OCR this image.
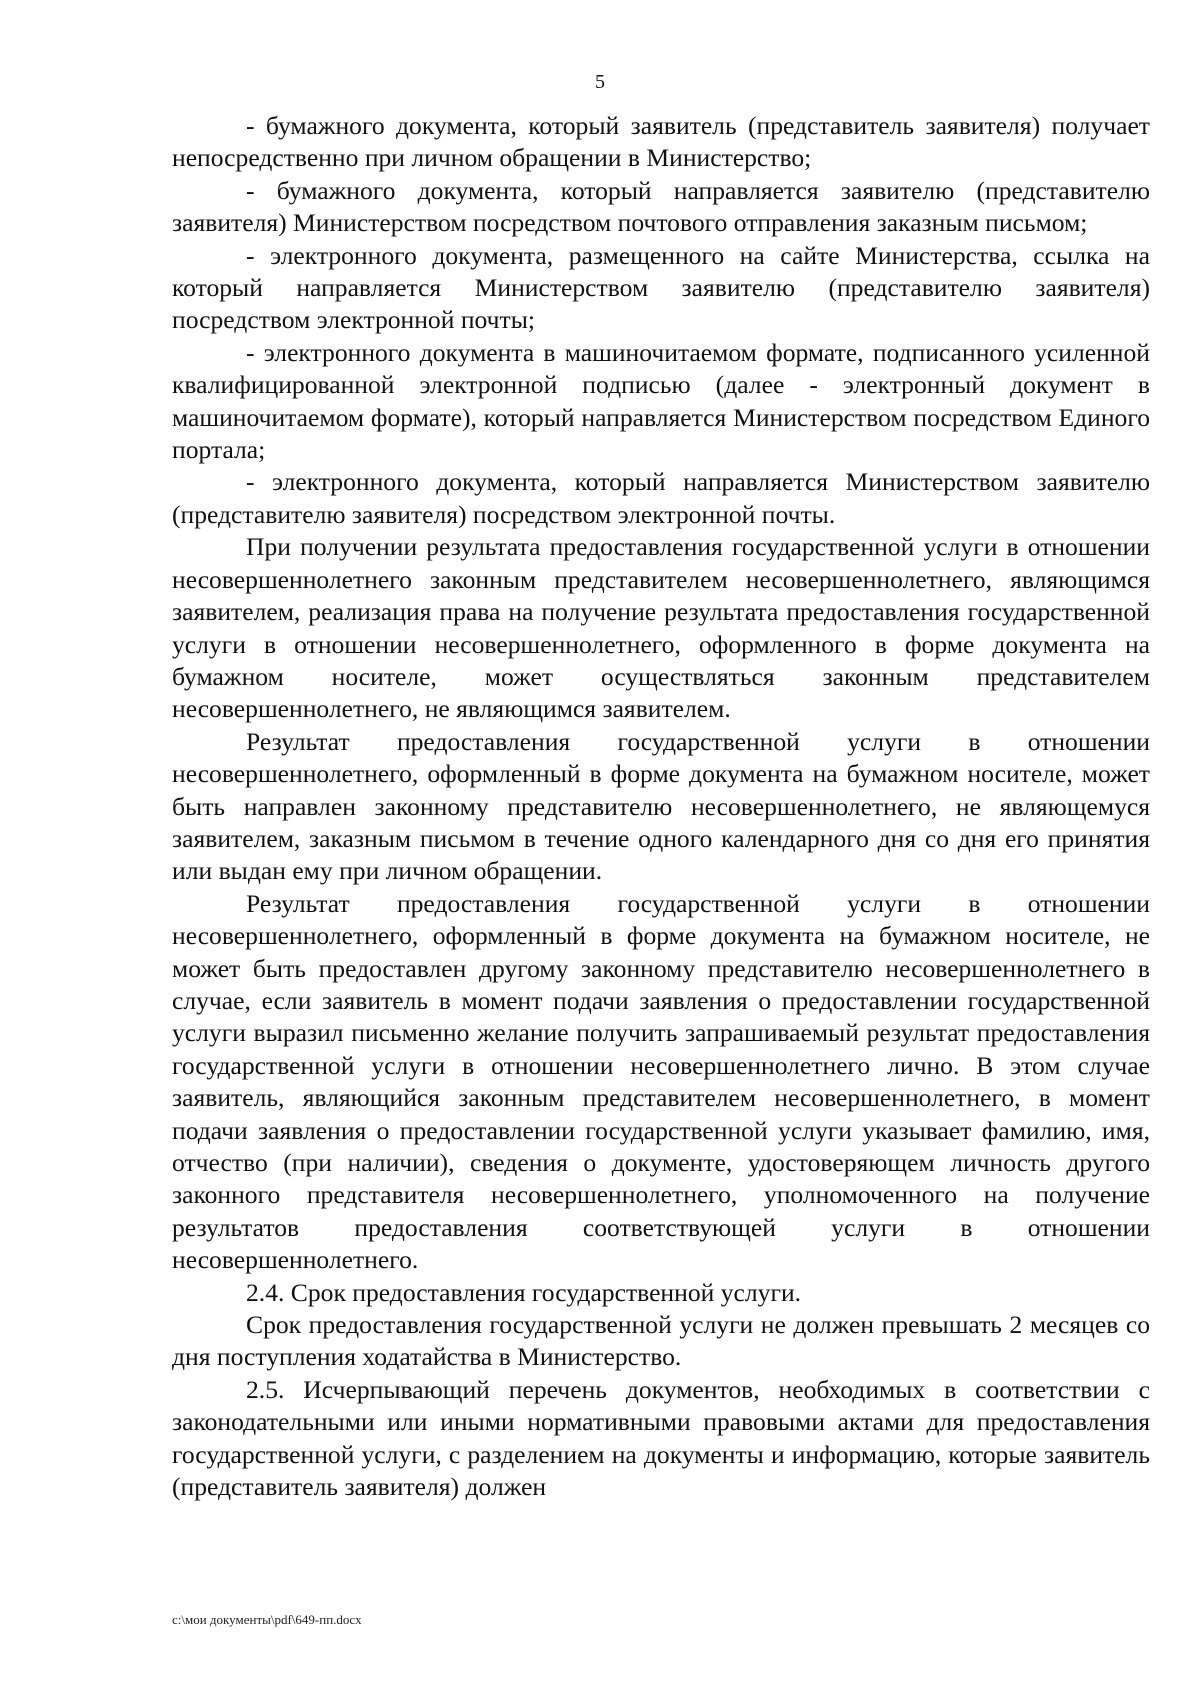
5

- бумажного документа, который заявитель (представитель заявителя) получает непосредственно при личном обращении в Министерство;

- бумажного документа, который направляется заявителю (представителю заявителя) Министерством посредством почтового отправления заказным письмом;

- электронного документа, размещенного на сайте Министерства, ссылка на который направляется Министерством заявителю (представителю заявителя) посредством электронной почты;

- электронного документа в машиночитаемом формате, подписанного усиленной квалифицированной электронной подписью (далее - электронный документ в машиночитаемом формате), который направляется Министерством посредством Единого портала;

- электронного документа, который направляется Министерством заявителю (представителю заявителя) посредством электронной почты.

При получении результата предоставления государственной услуги в отношении несовершеннолетнего законным представителем несовершеннолетнего, являющимся заявителем, реализация права на получение результата предоставления государственной услуги в отношении несовершеннолетнего, оформленного в форме документа на бумажном носителе, может осуществляться законным представителем несовершеннолетнего, не являющимся заявителем.

Результат предоставления государственной услуги в отношении несовершеннолетнего, оформленный в форме документа на бумажном носителе, может быть направлен законному представителю несовершеннолетнего, не являющемуся заявителем, заказным письмом в течение одного календарного дня со дня его принятия или выдан ему при личном обращении.

Результат предоставления государственной услуги в отношении несовершеннолетнего, оформленный в форме документа на бумажном носителе, не может быть предоставлен другому законному представителю несовершеннолетнего в случае, если заявитель в момент подачи заявления о предоставлении государственной услуги выразил письменно желание получить запрашиваемый результат предоставления государственной услуги в отношении несовершеннолетнего лично. В этом случае заявитель, являющийся законным представителем несовершеннолетнего, в момент подачи заявления о предоставлении государственной услуги указывает фамилию, имя, отчество (при наличии), сведения о документе, удостоверяющем личность другого законного представителя несовершеннолетнего, уполномоченного на получение результатов предоставления соответствующей услуги в отношении несовершеннолетнего.

2.4. Срок предоставления государственной услуги.

Срок предоставления государственной услуги не должен превышать 2 месяцев со дня поступления ходатайства в Министерство.

2.5. Исчерпывающий перечень документов, необходимых в соответствии с законодательными или иными нормативными правовыми актами для предоставления государственной услуги, с разделением на документы и информацию, которые заявитель (представитель заявителя) должен

c:\мои документы\pdf\649-пп.docx
